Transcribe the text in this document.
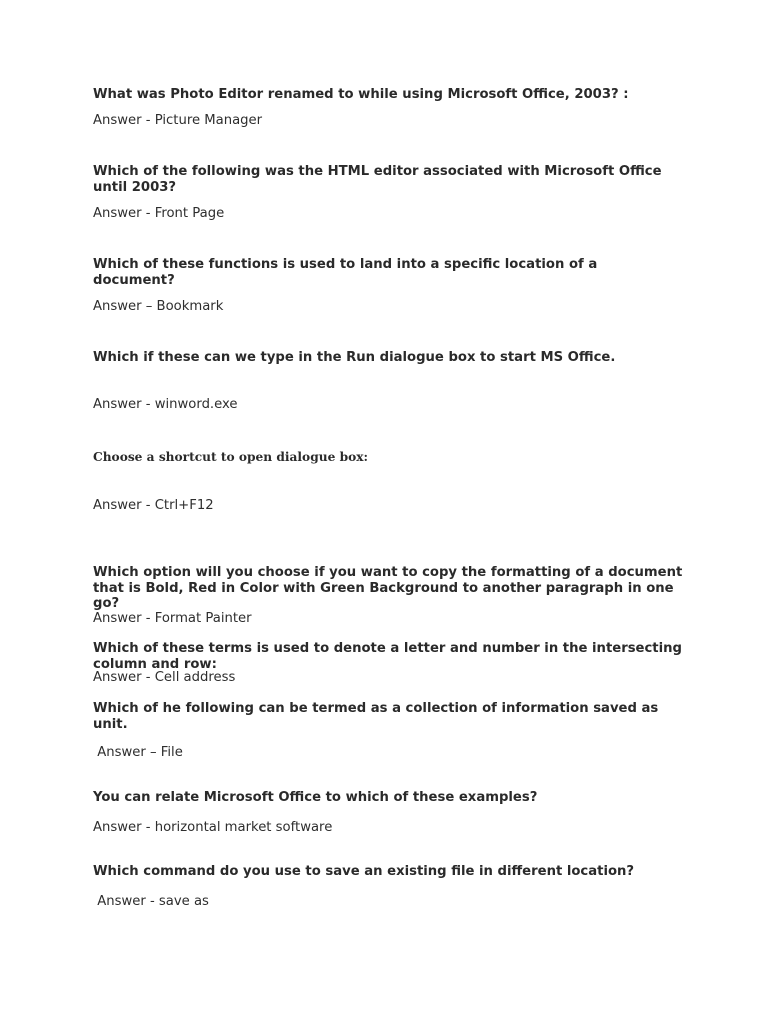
What was Photo Editor renamed to while using Microsoft Office, 2003? :

Answer - Picture Manager

Which of the following was the HTML editor associated with Microsoft Office until 2003?

Answer - Front Page

Which of these functions is used to land into a specific location of a document?

Answer – Bookmark

Which if these can we type in the Run dialogue box to start MS Office.

Answer - winword.exe

Choose a shortcut to open dialogue box:

Answer - Ctrl+F12

Which option will you choose if you want to copy the formatting of a document that is Bold, Red in Color with Green Background to another paragraph in one go?

Answer - Format Painter

Which of these terms is used to denote a letter and number in the intersecting column and row:

Answer - Cell address

Which of he following can be termed as a collection of information saved as unit.

Answer – File

You can relate Microsoft Office to which of these examples?

Answer - horizontal market software

Which command do you use to save an existing file in different location?

Answer - save as
